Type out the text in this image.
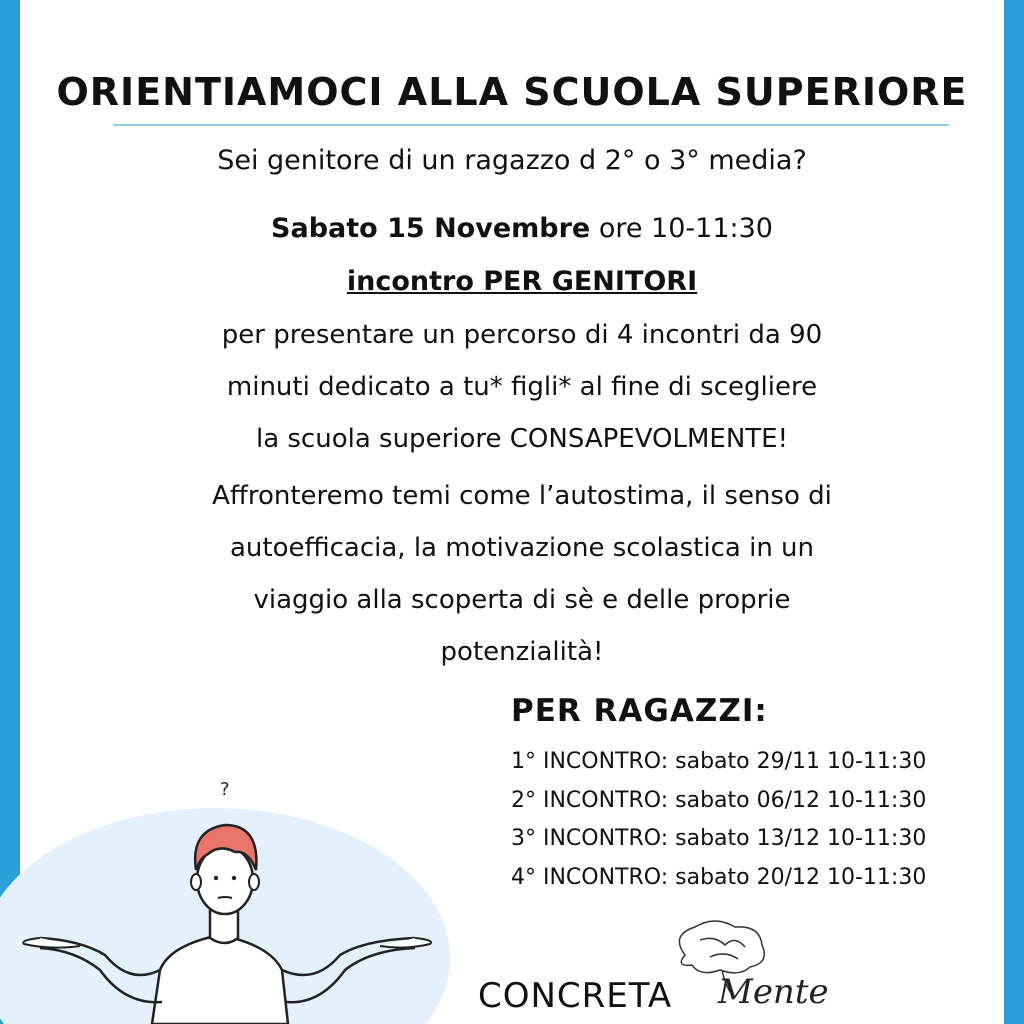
ORIENTIAMOCI ALLA SCUOLA SUPERIORE
Sei genitore di un ragazzo d 2° o 3° media?
Sabato 15 Novembre ore 10-11:30
incontro PER GENITORI
per presentare un percorso di 4 incontri da 90
minuti dedicato a tu* figli* al fine di scegliere
la scuola superiore CONSAPEVOLMENTE!
Affronteremo temi come l’autostima, il senso di
autoefficacia, la motivazione scolastica in un
viaggio alla scoperta di sè e delle proprie
potenzialità!
PER RAGAZZI:
1° INCONTRO: sabato 29/11 10-11:30
2° INCONTRO: sabato 06/12 10-11:30
3° INCONTRO: sabato 13/12 10-11:30
4° INCONTRO: sabato 20/12 10-11:30
?
CONCRETA Mente
